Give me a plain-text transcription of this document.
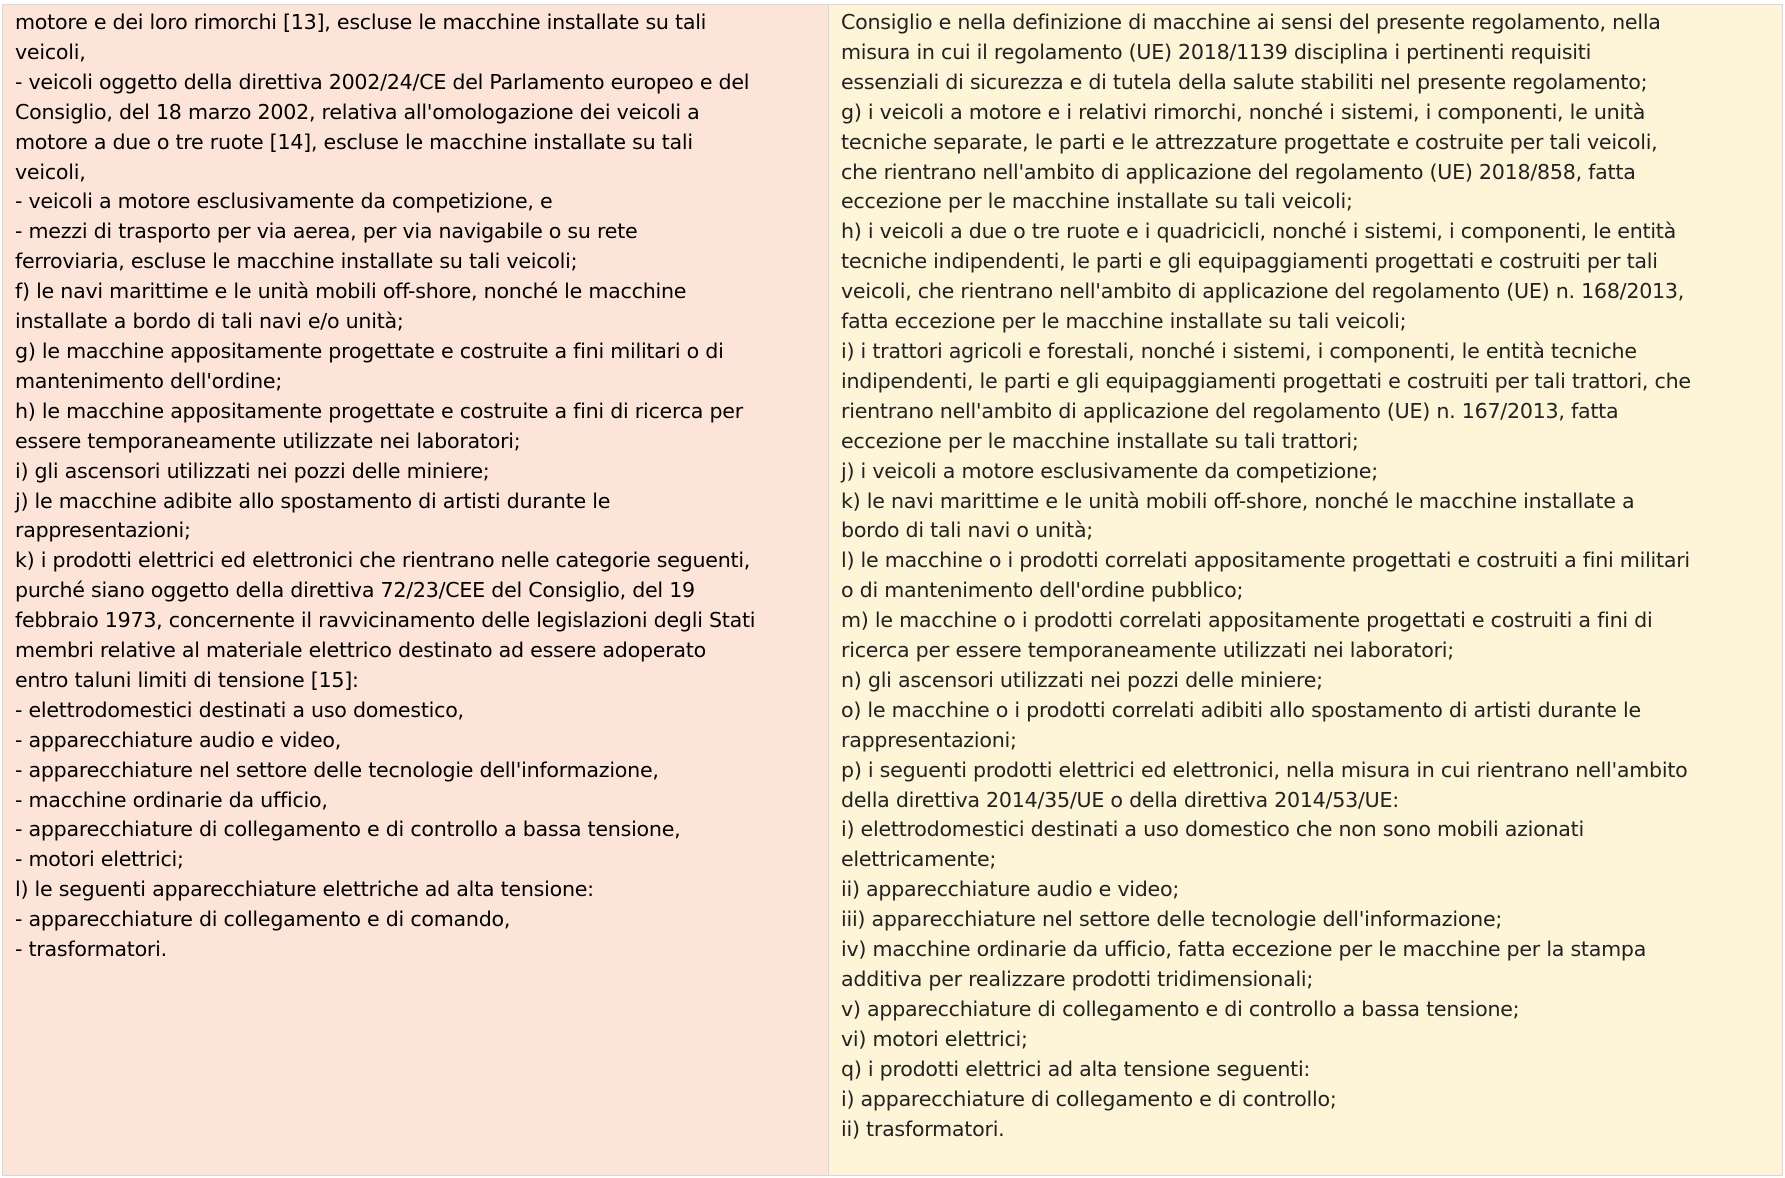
motore e dei loro rimorchi [13], escluse le macchine installate su tali
veicoli,
- veicoli oggetto della direttiva 2002/24/CE del Parlamento europeo e del
Consiglio, del 18 marzo 2002, relativa all'omologazione dei veicoli a
motore a due o tre ruote [14], escluse le macchine installate su tali
veicoli,
- veicoli a motore esclusivamente da competizione, e
- mezzi di trasporto per via aerea, per via navigabile o su rete
ferroviaria, escluse le macchine installate su tali veicoli;
f) le navi marittime e le unità mobili off-shore, nonché le macchine
installate a bordo di tali navi e/o unità;
g) le macchine appositamente progettate e costruite a fini militari o di
mantenimento dell'ordine;
h) le macchine appositamente progettate e costruite a fini di ricerca per
essere temporaneamente utilizzate nei laboratori;
i) gli ascensori utilizzati nei pozzi delle miniere;
j) le macchine adibite allo spostamento di artisti durante le
rappresentazioni;
k) i prodotti elettrici ed elettronici che rientrano nelle categorie seguenti,
purché siano oggetto della direttiva 72/23/CEE del Consiglio, del 19
febbraio 1973, concernente il ravvicinamento delle legislazioni degli Stati
membri relative al materiale elettrico destinato ad essere adoperato
entro taluni limiti di tensione [15]:
- elettrodomestici destinati a uso domestico,
- apparecchiature audio e video,
- apparecchiature nel settore delle tecnologie dell'informazione,
- macchine ordinarie da ufficio,
- apparecchiature di collegamento e di controllo a bassa tensione,
- motori elettrici;
l) le seguenti apparecchiature elettriche ad alta tensione:
- apparecchiature di collegamento e di comando,
- trasformatori.
Consiglio e nella definizione di macchine ai sensi del presente regolamento, nella
misura in cui il regolamento (UE) 2018/1139 disciplina i pertinenti requisiti
essenziali di sicurezza e di tutela della salute stabiliti nel presente regolamento;
g) i veicoli a motore e i relativi rimorchi, nonché i sistemi, i componenti, le unità
tecniche separate, le parti e le attrezzature progettate e costruite per tali veicoli,
che rientrano nell'ambito di applicazione del regolamento (UE) 2018/858, fatta
eccezione per le macchine installate su tali veicoli;
h) i veicoli a due o tre ruote e i quadricicli, nonché i sistemi, i componenti, le entità
tecniche indipendenti, le parti e gli equipaggiamenti progettati e costruiti per tali
veicoli, che rientrano nell'ambito di applicazione del regolamento (UE) n. 168/2013,
fatta eccezione per le macchine installate su tali veicoli;
i) i trattori agricoli e forestali, nonché i sistemi, i componenti, le entità tecniche
indipendenti, le parti e gli equipaggiamenti progettati e costruiti per tali trattori, che
rientrano nell'ambito di applicazione del regolamento (UE) n. 167/2013, fatta
eccezione per le macchine installate su tali trattori;
j) i veicoli a motore esclusivamente da competizione;
k) le navi marittime e le unità mobili off-shore, nonché le macchine installate a
bordo di tali navi o unità;
l) le macchine o i prodotti correlati appositamente progettati e costruiti a fini militari
o di mantenimento dell'ordine pubblico;
m) le macchine o i prodotti correlati appositamente progettati e costruiti a fini di
ricerca per essere temporaneamente utilizzati nei laboratori;
n) gli ascensori utilizzati nei pozzi delle miniere;
o) le macchine o i prodotti correlati adibiti allo spostamento di artisti durante le
rappresentazioni;
p) i seguenti prodotti elettrici ed elettronici, nella misura in cui rientrano nell'ambito
della direttiva 2014/35/UE o della direttiva 2014/53/UE:
i) elettrodomestici destinati a uso domestico che non sono mobili azionati
elettricamente;
ii) apparecchiature audio e video;
iii) apparecchiature nel settore delle tecnologie dell'informazione;
iv) macchine ordinarie da ufficio, fatta eccezione per le macchine per la stampa
additiva per realizzare prodotti tridimensionali;
v) apparecchiature di collegamento e di controllo a bassa tensione;
vi) motori elettrici;
q) i prodotti elettrici ad alta tensione seguenti:
i) apparecchiature di collegamento e di controllo;
ii) trasformatori.
